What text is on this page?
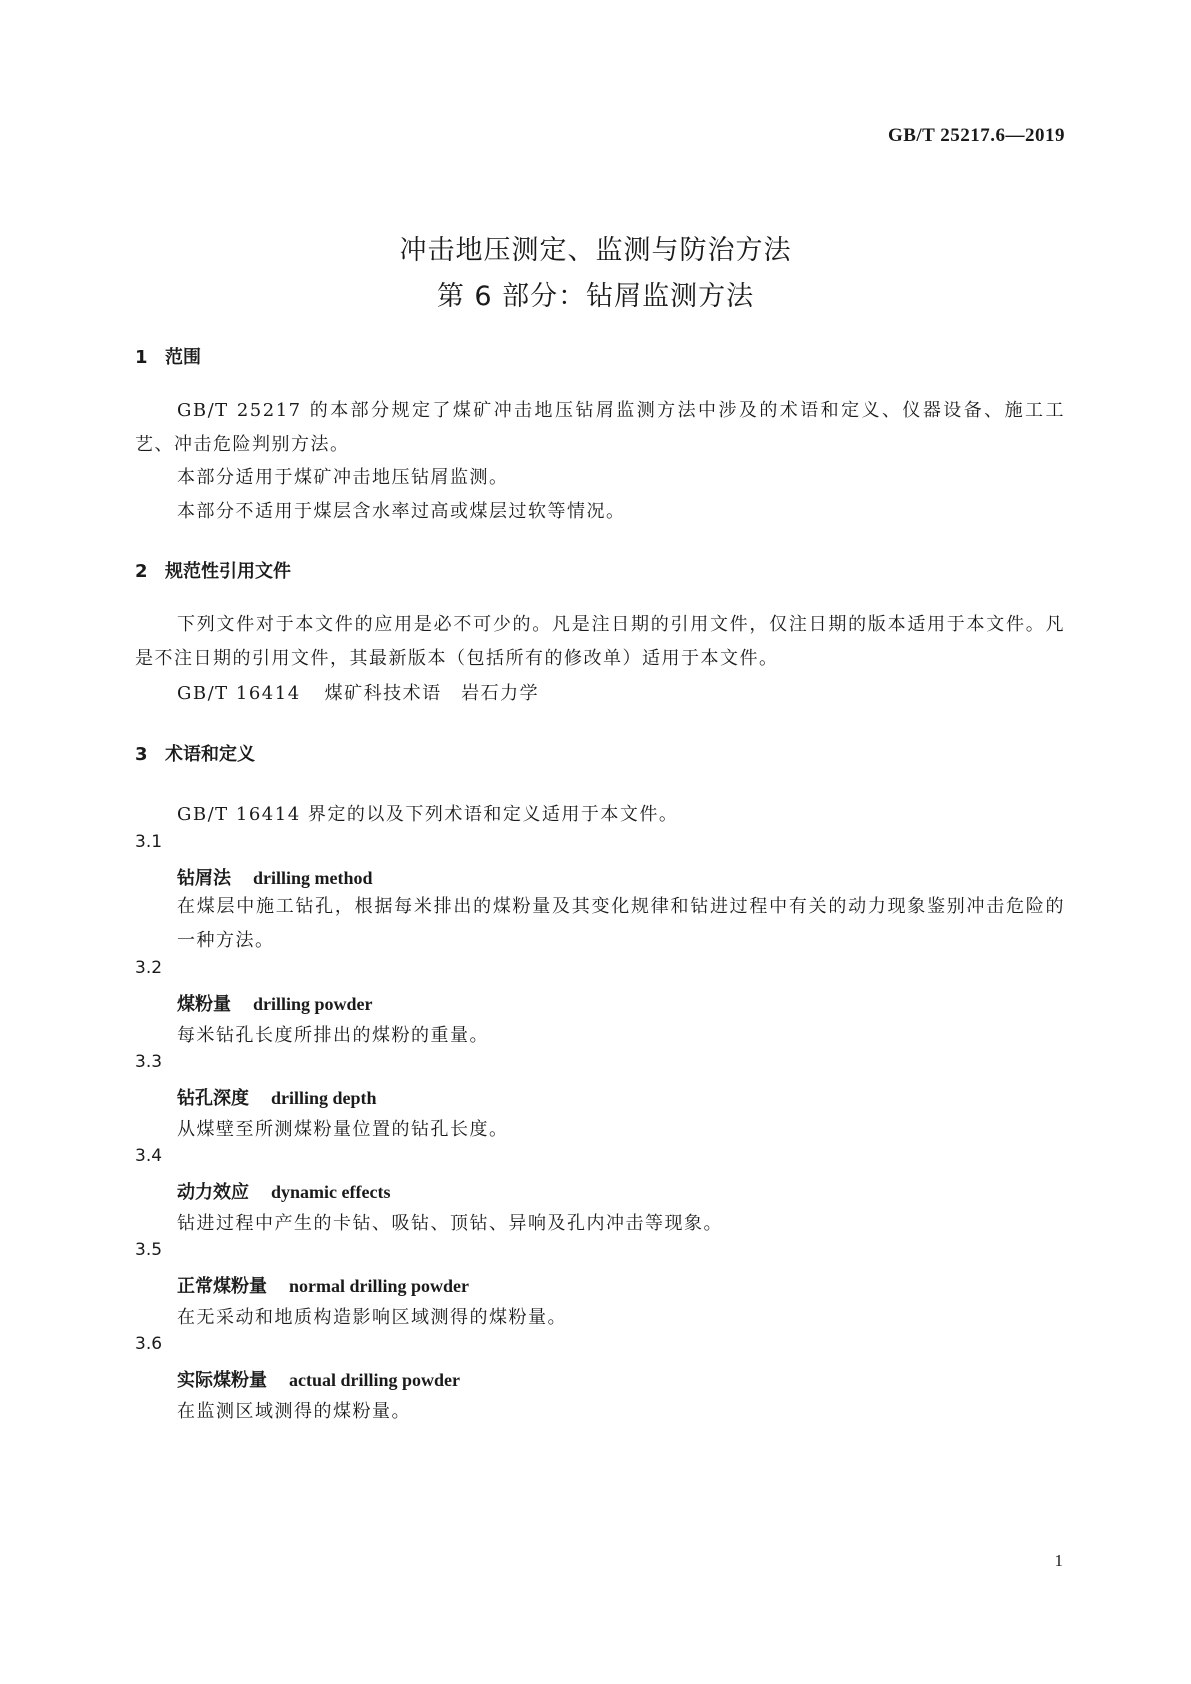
GB/T 25217.6—2019
冲击地压测定、监测与防治方法
第 6 部分：钻屑监测方法
1 范围
GB/T 25217 的本部分规定了煤矿冲击地压钻屑监测方法中涉及的术语和定义、仪器设备、施工工艺、冲击危险判别方法。
本部分适用于煤矿冲击地压钻屑监测。
本部分不适用于煤层含水率过高或煤层过软等情况。
2 规范性引用文件
下列文件对于本文件的应用是必不可少的。凡是注日期的引用文件，仅注日期的版本适用于本文件。凡是不注日期的引用文件，其最新版本（包括所有的修改单）适用于本文件。
GB/T 16414 煤矿科技术语　岩石力学
3 术语和定义
GB/T 16414 界定的以及下列术语和定义适用于本文件。
3.1
钻屑法 drilling method
在煤层中施工钻孔，根据每米排出的煤粉量及其变化规律和钻进过程中有关的动力现象鉴别冲击危险的一种方法。
3.2
煤粉量 drilling powder
每米钻孔长度所排出的煤粉的重量。
3.3
钻孔深度 drilling depth
从煤壁至所测煤粉量位置的钻孔长度。
3.4
动力效应 dynamic effects
钻进过程中产生的卡钻、吸钻、顶钻、异响及孔内冲击等现象。
3.5
正常煤粉量 normal drilling powder
在无采动和地质构造影响区域测得的煤粉量。
3.6
实际煤粉量 actual drilling powder
在监测区域测得的煤粉量。
1
